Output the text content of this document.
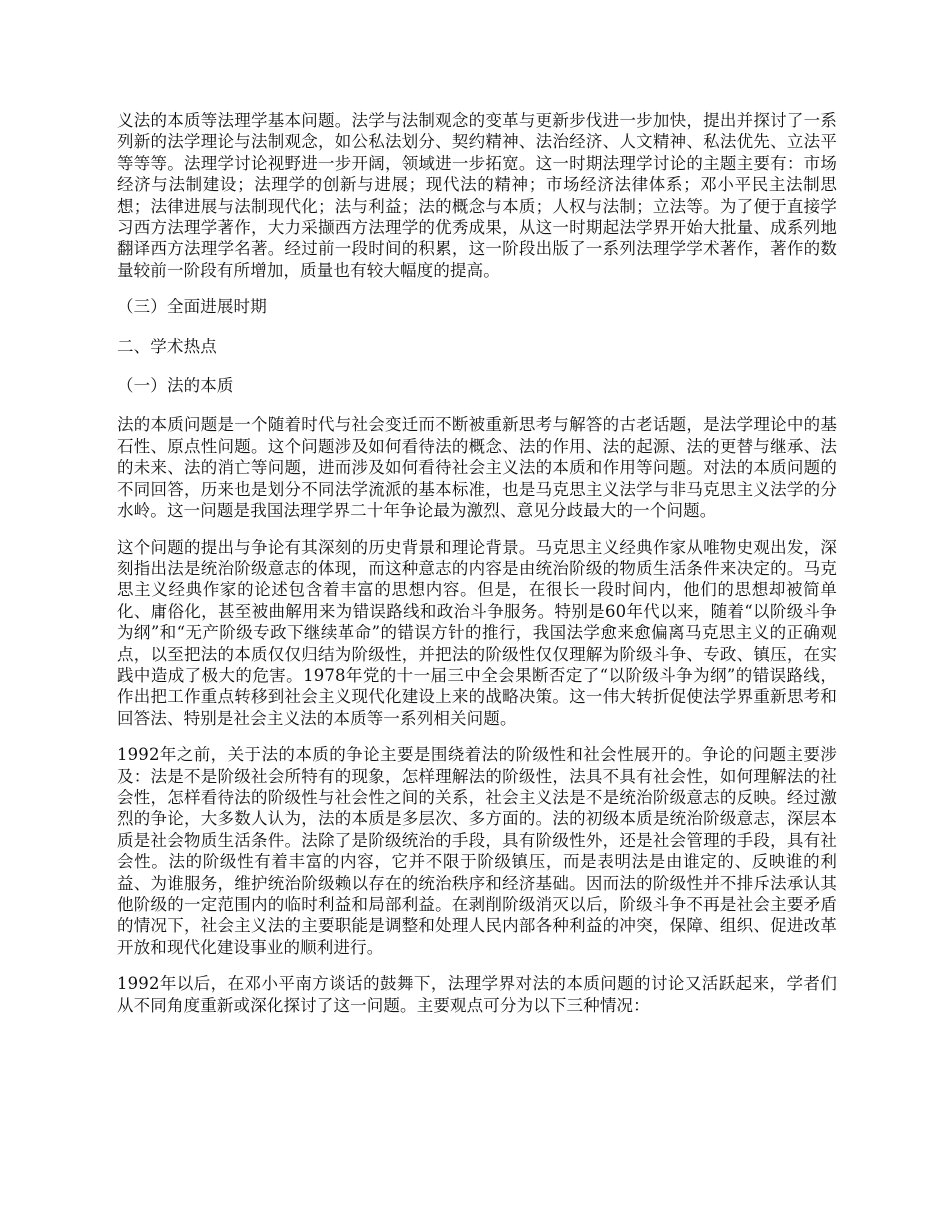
义法的本质等法理学基本问题。法学与法制观念的变革与更新步伐进一步加快，提出并探讨了一系列新的法学理论与法制观念，如公私法划分、契约精神、法治经济、人文精神、私法优先、立法平等等等。法理学讨论视野进一步开阔，领域进一步拓宽。这一时期法理学讨论的主题主要有：市场经济与法制建设；法理学的创新与进展；现代法的精神；市场经济法律体系；邓小平民主法制思想；法律进展与法制现代化；法与利益；法的概念与本质；人权与法制；立法等。为了便于直接学习西方法理学著作，大力采撷西方法理学的优秀成果，从这一时期起法学界开始大批量、成系列地翻译西方法理学名著。经过前一段时间的积累，这一阶段出版了一系列法理学学术著作，著作的数量较前一阶段有所增加，质量也有较大幅度的提高。

（三）全面进展时期

二、学术热点

（一）法的本质

法的本质问题是一个随着时代与社会变迁而不断被重新思考与解答的古老话题，是法学理论中的基石性、原点性问题。这个问题涉及如何看待法的概念、法的作用、法的起源、法的更替与继承、法的未来、法的消亡等问题，进而涉及如何看待社会主义法的本质和作用等问题。对法的本质问题的不同回答，历来也是划分不同法学流派的基本标准，也是马克思主义法学与非马克思主义法学的分水岭。这一问题是我国法理学界二十年争论最为激烈、意见分歧最大的一个问题。

这个问题的提出与争论有其深刻的历史背景和理论背景。马克思主义经典作家从唯物史观出发，深刻指出法是统治阶级意志的体现，而这种意志的内容是由统治阶级的物质生活条件来决定的。马克思主义经典作家的论述包含着丰富的思想内容。但是，在很长一段时间内，他们的思想却被简单化、庸俗化，甚至被曲解用来为错误路线和政治斗争服务。特别是60年代以来，随着“以阶级斗争为纲”和“无产阶级专政下继续革命”的错误方针的推行，我国法学愈来愈偏离马克思主义的正确观点，以至把法的本质仅仅归结为阶级性，并把法的阶级性仅仅理解为阶级斗争、专政、镇压，在实践中造成了极大的危害。1978年党的十一届三中全会果断否定了“以阶级斗争为纲”的错误路线，作出把工作重点转移到社会主义现代化建设上来的战略决策。这一伟大转折促使法学界重新思考和回答法、特别是社会主义法的本质等一系列相关问题。

1992年之前，关于法的本质的争论主要是围绕着法的阶级性和社会性展开的。争论的问题主要涉及：法是不是阶级社会所特有的现象，怎样理解法的阶级性，法具不具有社会性，如何理解法的社会性，怎样看待法的阶级性与社会性之间的关系，社会主义法是不是统治阶级意志的反映。经过激烈的争论，大多数人认为，法的本质是多层次、多方面的。法的初级本质是统治阶级意志，深层本质是社会物质生活条件。法除了是阶级统治的手段，具有阶级性外，还是社会管理的手段，具有社会性。法的阶级性有着丰富的内容，它并不限于阶级镇压，而是表明法是由谁定的、反映谁的利益、为谁服务，维护统治阶级赖以存在的统治秩序和经济基础。因而法的阶级性并不排斥法承认其他阶级的一定范围内的临时利益和局部利益。在剥削阶级消灭以后，阶级斗争不再是社会主要矛盾的情况下，社会主义法的主要职能是调整和处理人民内部各种利益的冲突，保障、组织、促进改革开放和现代化建设事业的顺利进行。

1992年以后，在邓小平南方谈话的鼓舞下，法理学界对法的本质问题的讨论又活跃起来，学者们从不同角度重新或深化探讨了这一问题。主要观点可分为以下三种情况：
